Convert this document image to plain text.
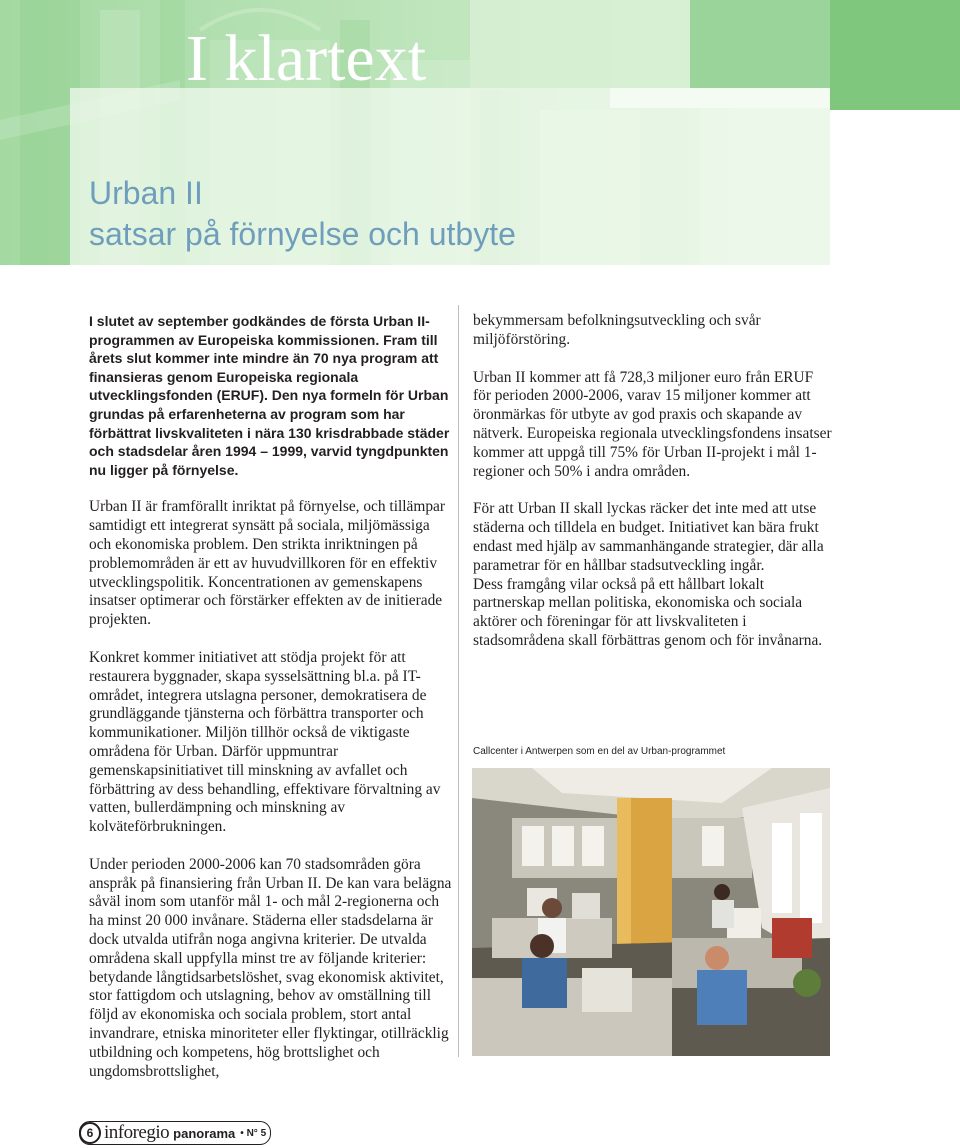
I klartext
Urban II
satsar på förnyelse och utbyte

I slutet av september godkändes de första Urban II-programmen av Europeiska kommissionen. Fram till årets slut kommer inte mindre än 70 nya program att finansieras genom Europeiska regionala utvecklingsfonden (ERUF). Den nya formeln för Urban grundas på erfarenheterna av program som har förbättrat livskvaliteten i nära 130 krisdrabbade städer och stadsdelar åren 1994 – 1999, varvid tyngdpunkten nu ligger på förnyelse.

Urban II är framförallt inriktat på förnyelse, och tillämpar samtidigt ett integrerat synsätt på sociala, miljömässiga och ekonomiska problem. Den strikta inriktningen på problemområden är ett av huvudvillkoren för en effektiv utvecklingspolitik. Koncentrationen av gemenskapens insatser optimerar och förstärker effekten av de initierade projekten.

Konkret kommer initiativet att stödja projekt för att restaurera byggnader, skapa sysselsättning bl.a. på IT-området, integrera utslagna personer, demokratisera de grundläggande tjänsterna och förbättra transporter och kommunikationer. Miljön tillhör också de viktigaste områdena för Urban. Därför uppmuntrar gemenskapsinitiativet till minskning av avfallet och förbättring av dess behandling, effektivare förvaltning av vatten, bullerdämpning och minskning av kolväteförbrukningen.

Under perioden 2000-2006 kan 70 stadsområden göra anspråk på finansiering från Urban II. De kan vara belägna såväl inom som utanför mål 1- och mål 2-regionerna och ha minst 20 000 invånare. Städerna eller stadsdelarna är dock utvalda utifrån noga angivna kriterier. De utvalda områdena skall uppfylla minst tre av följande kriterier: betydande långtidsarbetslöshet, svag ekonomisk aktivitet, stor fattigdom och utslagning, behov av omställning till följd av ekonomiska och sociala problem, stort antal invandrare, etniska minoriteter eller flyktingar, otillräcklig utbildning och kompetens, hög brottslighet och ungdomsbrottslighet,

bekymmersam befolkningsutveckling och svår miljöförstöring.

Urban II kommer att få 728,3 miljoner euro från ERUF för perioden 2000-2006, varav 15 miljoner kommer att öronmärkas för utbyte av god praxis och skapande av nätverk. Europeiska regionala utvecklingsfondens insatser kommer att uppgå till 75% för Urban II-projekt i mål 1-regioner och 50% i andra områden.

För att Urban II skall lyckas räcker det inte med att utse städerna och tilldela en budget. Initiativet kan bära frukt endast med hjälp av sammanhängande strategier, där alla parametrar för en hållbar stadsutveckling ingår.

Dess framgång vilar också på ett hållbart lokalt partnerskap mellan politiska, ekonomiska och sociala aktörer och föreningar för att livskvaliteten i stadsområdena skall förbättras genom och för invånarna.

Callcenter i Antwerpen som en del av Urban-programmet
6 inforegio panorama • N° 5
